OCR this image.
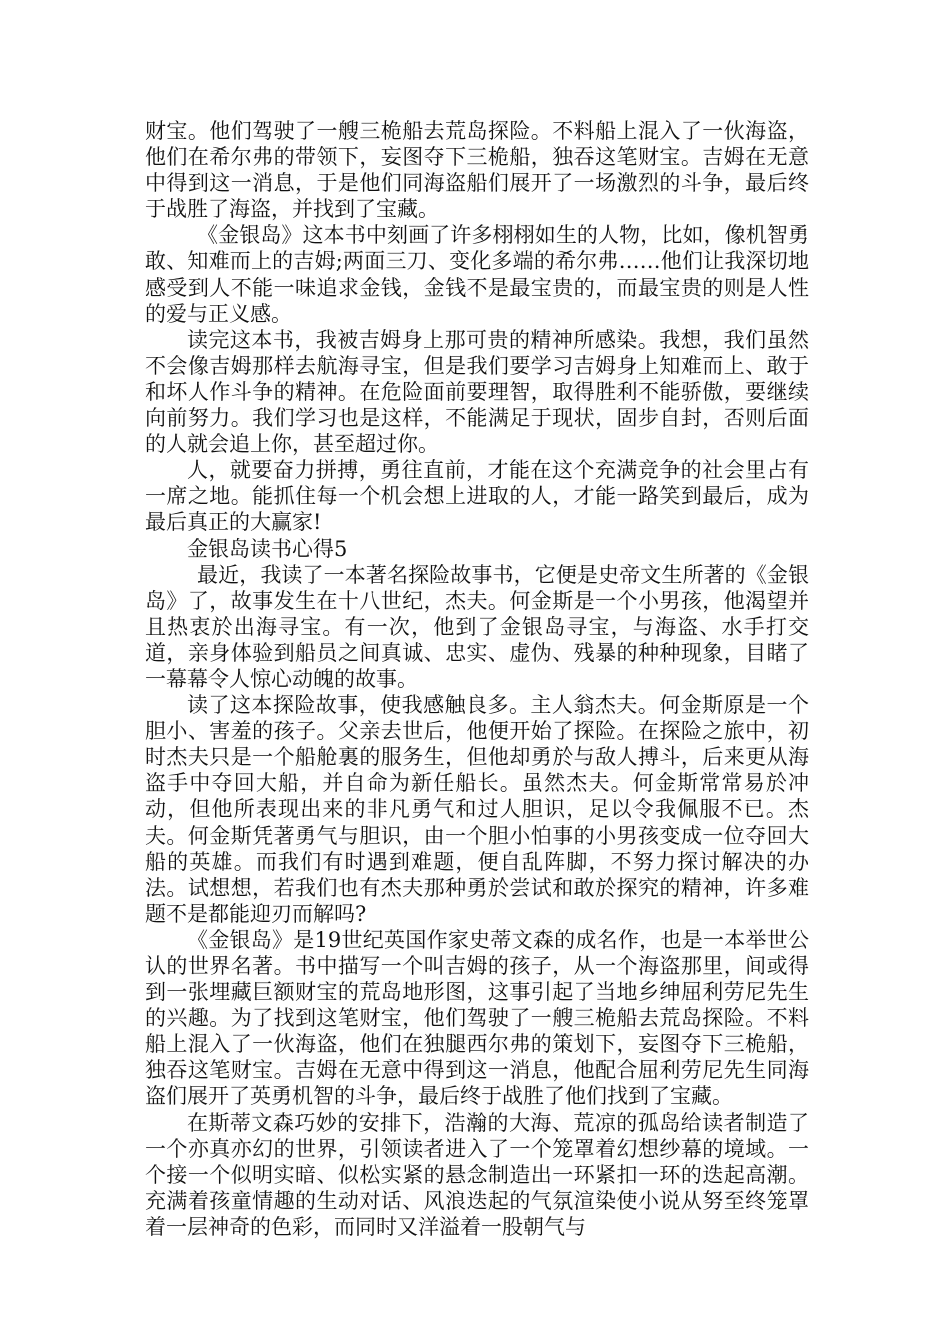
财宝。他们驾驶了一艘三桅船去荒岛探险。不料船上混入了一伙海盗，他们在希尔弗的带领下，妄图夺下三桅船，独吞这笔财宝。吉姆在无意中得到这一消息，于是他们同海盗船们展开了一场激烈的斗争，最后终于战胜了海盗，并找到了宝藏。

《金银岛》这本书中刻画了许多栩栩如生的人物，比如，像机智勇敢、知难而上的吉姆;两面三刀、变化多端的希尔弗……他们让我深切地感受到人不能一味追求金钱，金钱不是最宝贵的，而最宝贵的则是人性的爱与正义感。

读完这本书，我被吉姆身上那可贵的精神所感染。我想，我们虽然不会像吉姆那样去航海寻宝，但是我们要学习吉姆身上知难而上、敢于和坏人作斗争的精神。在危险面前要理智，取得胜利不能骄傲，要继续向前努力。我们学习也是这样，不能满足于现状，固步自封，否则后面的人就会追上你，甚至超过你。

人，就要奋力拼搏，勇往直前，才能在这个充满竞争的社会里占有一席之地。能抓住每一个机会想上进取的人，才能一路笑到最后，成为最后真正的大赢家!

金银岛读书心得5

最近，我读了一本著名探险故事书，它便是史帝文生所著的《金银岛》了，故事发生在十八世纪，杰夫。何金斯是一个小男孩，他渴望并且热衷於出海寻宝。有一次，他到了金银岛寻宝，与海盗、水手打交道，亲身体验到船员之间真诚、忠实、虚伪、残暴的种种现象，目睹了一幕幕令人惊心动魄的故事。

读了这本探险故事，使我感触良多。主人翁杰夫。何金斯原是一个胆小、害羞的孩子。父亲去世后，他便开始了探险。在探险之旅中，初时杰夫只是一个船舱裏的服务生，但他却勇於与敌人搏斗，后来更从海盗手中夺回大船，并自命为新任船长。虽然杰夫。何金斯常常易於冲动，但他所表现出来的非凡勇气和过人胆识，足以令我佩服不已。杰夫。何金斯凭著勇气与胆识，由一个胆小怕事的小男孩变成一位夺回大船的英雄。而我们有时遇到难题，便自乱阵脚，不努力探讨解决的办法。试想想，若我们也有杰夫那种勇於尝试和敢於探究的精神，许多难题不是都能迎刃而解吗?

《金银岛》是19世纪英国作家史蒂文森的成名作，也是一本举世公认的世界名著。书中描写一个叫吉姆的孩子，从一个海盗那里，间或得到一张埋藏巨额财宝的荒岛地形图，这事引起了当地乡绅屈利劳尼先生的兴趣。为了找到这笔财宝，他们驾驶了一艘三桅船去荒岛探险。不料船上混入了一伙海盗，他们在独腿西尔弗的策划下，妄图夺下三桅船，独吞这笔财宝。吉姆在无意中得到这一消息，他配合屈利劳尼先生同海盗们展开了英勇机智的斗争，最后终于战胜了他们找到了宝藏。

在斯蒂文森巧妙的安排下，浩瀚的大海、荒凉的孤岛给读者制造了一个亦真亦幻的世界，引领读者进入了一个笼罩着幻想纱幕的境域。一个接一个似明实暗、似松实紧的悬念制造出一环紧扣一环的迭起高潮。充满着孩童情趣的生动对话、风浪迭起的气氛渲染使小说从努至终笼罩着一层神奇的色彩，而同时又洋溢着一股朝气与
